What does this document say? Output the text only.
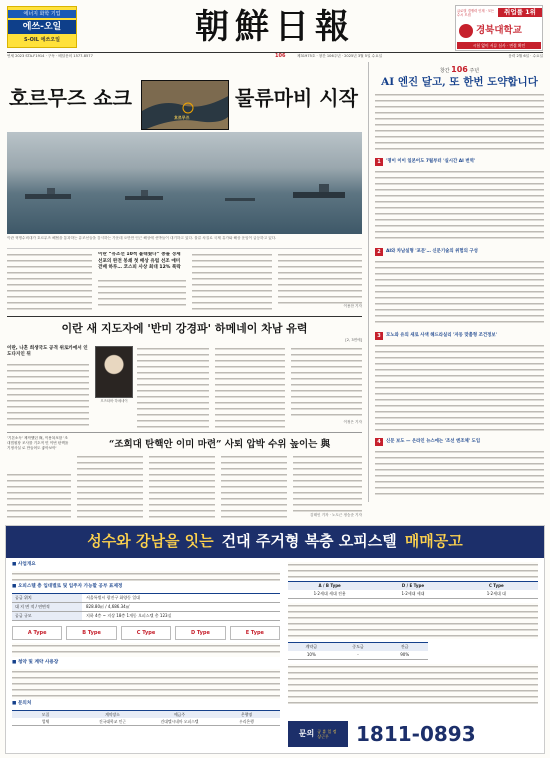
에너지 화학 기업
에쓰-오일
S-OIL 에쓰오일	朝鮮日報	글로벌 경쟁력 인재 · 모든 수시 모집	취업률 1위
경북대학교
시험 없이 서류 심사 · 면접 확인
연세 2023 STA-F1914 · 구독 · 배달문의 1577-8577	106	제31975호 · 창간 106주년 · 2025년 3월 5일 수요일	음력 2월 6일 · 수요일
호르무즈 쇼크	물류마비 시작
호르무즈
이란 혁명수비대가 호르무즈 해협을 통과하는 유조선들을 감시하는 가운데 오만만 인근 해상에 선박들이 대기하고 있다. 물류 차질로 국제 유가와 해상 운임이 급등하고 있다.
이란 “유조선 10척 불태웠다” 충돌 경제 선포의 완전 봉쇄 첫 배상 유럽 선조 애미 걷배 하루… 코스피 사상 최대 12% 폭락
이용찬 기자
창간 106 주년
AI 엔진 달고, 또 한번 도약합니다
1	'명이 이이 일본어도 7월부터 '실시간 AI 번역'
2	AI와 차남실형 '포문'… 신문기술의 위험의 구성
3	모노와 유의 새로 사색 해드라실리 '자동 맞춤형 조건정보'
4	신문 보도 — 온라인 뉴스에는 '조선 엔조체' 도입
이란 새 지도자에 '반미 강경파' 하메네이 차남 유력
[2, 3면에]
이란, 나흔 희생국도 공격 위로카에서 인도다지인 뒤
모즈타바 하메네이
이정은 기자
'기본소득' 제작했던 與, 이용복포함 '조대법원장 조사를 기초적 민 이번 탄핵을 기정사실 로 만들어도 좋아보아'	“조희대 탄핵안 이미 마련” 사퇴 압박 수위 높이는 與
김태인 기자 · 노도근 정승준 기자
성수와 강남을 잇는 건대 주거형 복층 오피스텔 매매공고
■ 사업개요
■ 오피스텔 층 입대별로 및 입주자 가능할 공부 표제정
공급 위치	서울특별시 광진구 화양동 일대
대 지 면 적 / 연면적	828.80㎡ / 4,686.34㎡
공급 규모	지하 4층 ~ 지상 18층 1개동 오피스텔 총 123실
A Type	B Type	C Type	D Type	E Type
■ 청약 및 계약 사용장
■ 문의처
모집	계약장소	예금주	은행명
업체	건국대학교 인근	건대엘시네마 오피스텔	우리은행
A / B Type	D / E Type	C Type
1·2세대 세대 전용	1·2세대 세대	1·2세대 대
계약금	중도금	잔금
10%	-	90%
문의 공 휴 일 정상근무	1811-0893
